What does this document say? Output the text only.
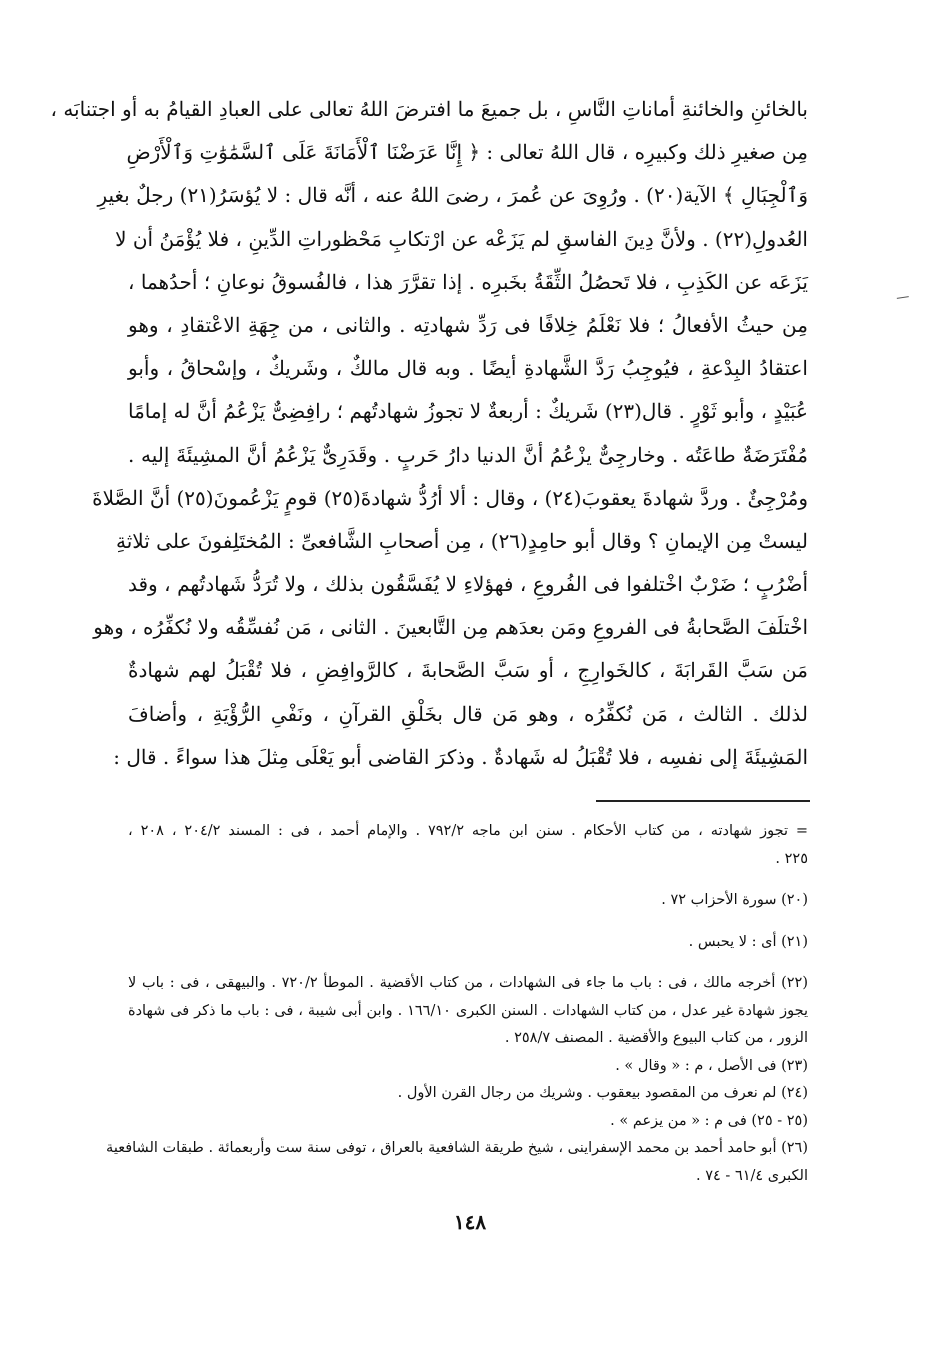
بالخائنِ والخائنةِ أماناتِ النَّاسِ ، بل جميعَ ما افترضَ اللهُ تعالى على العبادِ القيامُ به أو اجتنابَه ،
مِن صغيرِ ذلك وكبيرِه ، قال اللهُ تعالى : ﴿ إِنَّا عَرَضْنَا ٱلْأَمَانَةَ عَلَى ٱلسَّمَٰوَٰتِ وَٱلْأَرْضِ
وَٱلْجِبَالِ ﴾ الآية(٢٠) . ورُوِىَ عن عُمرَ ، رضىَ اللهُ عنه ، أنَّه قال : لا يُؤسَرُ(٢١) رجلٌ بغيرِ
العُدولِ(٢٢) . ولأنَّ دِينَ الفاسقِ لم يَزَعْه عن ارْتكابِ مَحْظوراتِ الدِّينِ ، فلا يُؤْمَنُ أن لا
يَزَعَه عن الكَذِبِ ، فلا تَحصُلُ الثِّقَةُ بخَبرِه . إذا تقرَّرَ هذا ، فالفُسوقُ نوعانِ ؛ أحدُهما ،
مِن حيثُ الأفعالُ ؛ فلا نَعْلَمُ خِلافًا فى رَدِّ شهادتِه . والثانى ، من جِهَةِ الاعْتقادِ ، وهو
اعتقادُ البِدْعةِ ، فيُوجِبُ رَدَّ الشَّهادةِ أيضًا . وبه قال مالكٌ ، وشَريكٌ ، وإسْحاقُ ، وأبو
عُبَيْدٍ ، وأبو ثَوْرٍ . قال(٢٣) شَريكٌ : أربعةٌ لا تجوزُ شهادتُهم ؛ رافِضِىٌّ يَزْعُمُ أنَّ له إمامًا
مُفْتَرَضَةٌ طاعَتُه . وخارجِىٌّ يزْعُمُ أنَّ الدنيا دارُ حَربٍ . وقَدَرِىٌّ يَزْعُمُ أنَّ المشِيئَةَ إليه .
ومُرْجِئٌ . وردَّ شهادةَ يعقوبَ(٢٤) ، وقال : ألا أرُدُّ شهادةَ(٢٥) قومٍ يَزْعُمونَ(٢٥) أنَّ الصَّلاةَ
ليستْ مِن الإيمانِ ؟ وقال أبو حامِدٍ(٢٦) ، مِن أصحابِ الشَّافعىِّ : المُختَلِفونَ على ثلاثةِ
أضْرُبٍ ؛ ضَرْبٌ اخْتلفوا فى الفُروعِ ، فهؤلاءِ لا يُفَسَّقُون بذلك ، ولا تُرَدُّ شَهادتُهم ، وقد
اخْتلَفَ الصَّحابةُ فى الفروعِ ومَن بعدَهم مِن التَّابعينَ . الثانى ، مَن نُفسِّقُه ولا نُكفِّرُه ، وهو
مَن سَبَّ القَرابَةَ ، كالخَوارِجِ ، أو سَبَّ الصَّحابةَ ، كالرَّوافِضِ ، فلا تُقْبَلُ لهم شهادةٌ
لذلك . الثالث ، مَن نُكفِّرُه ، وهو مَن قال بخَلْقِ القرآنِ ، ونَفْىِ الرُّؤْيَةِ ، وأضافَ
المَشِيئَةَ إلى نفسِه ، فلا تُقْبَلُ له شَهادةٌ . وذكرَ القاضى أبو يَعْلَى مِثلَ هذا سواءً . قال :
= تجوز شهادته ، من كتاب الأحكام . سنن ابن ماجه ٧٩٢/٢ . والإمام أحمد ، فى : المسند ٢٠٤/٢ ، ٢٠٨ ،
٢٢٥ .
(٢٠) سورة الأحزاب ٧٢ .
(٢١) أى : لا يحبس .
(٢٢) أخرجه مالك ، فى : باب ما جاء فى الشهادات ، من كتاب الأقضية . الموطأ ٧٢٠/٢ . والبيهقى ، فى : باب لا
يجوز شهادة غير عدل ، من كتاب الشهادات . السنن الكبرى ١٦٦/١٠ . وابن أبى شيبة ، فى : باب ما ذكر فى شهادة
الزور ، من كتاب البيوع والأقضية . المصنف ٢٥٨/٧ .
(٢٣) فى الأصل ، م : « وقال » .
(٢٤) لم نعرف من المقصود بيعقوب . وشريك من رجال القرن الأول .
(٢٥ - ٢٥) فى م : « من يزعم » .
(٢٦) أبو حامد أحمد بن محمد الإسفراينى ، شيخ طريقة الشافعية بالعراق ، توفى سنة ست وأربعمائة . طبقات الشافعية
الكبرى ٦١/٤ - ٧٤ .
١٤٨
